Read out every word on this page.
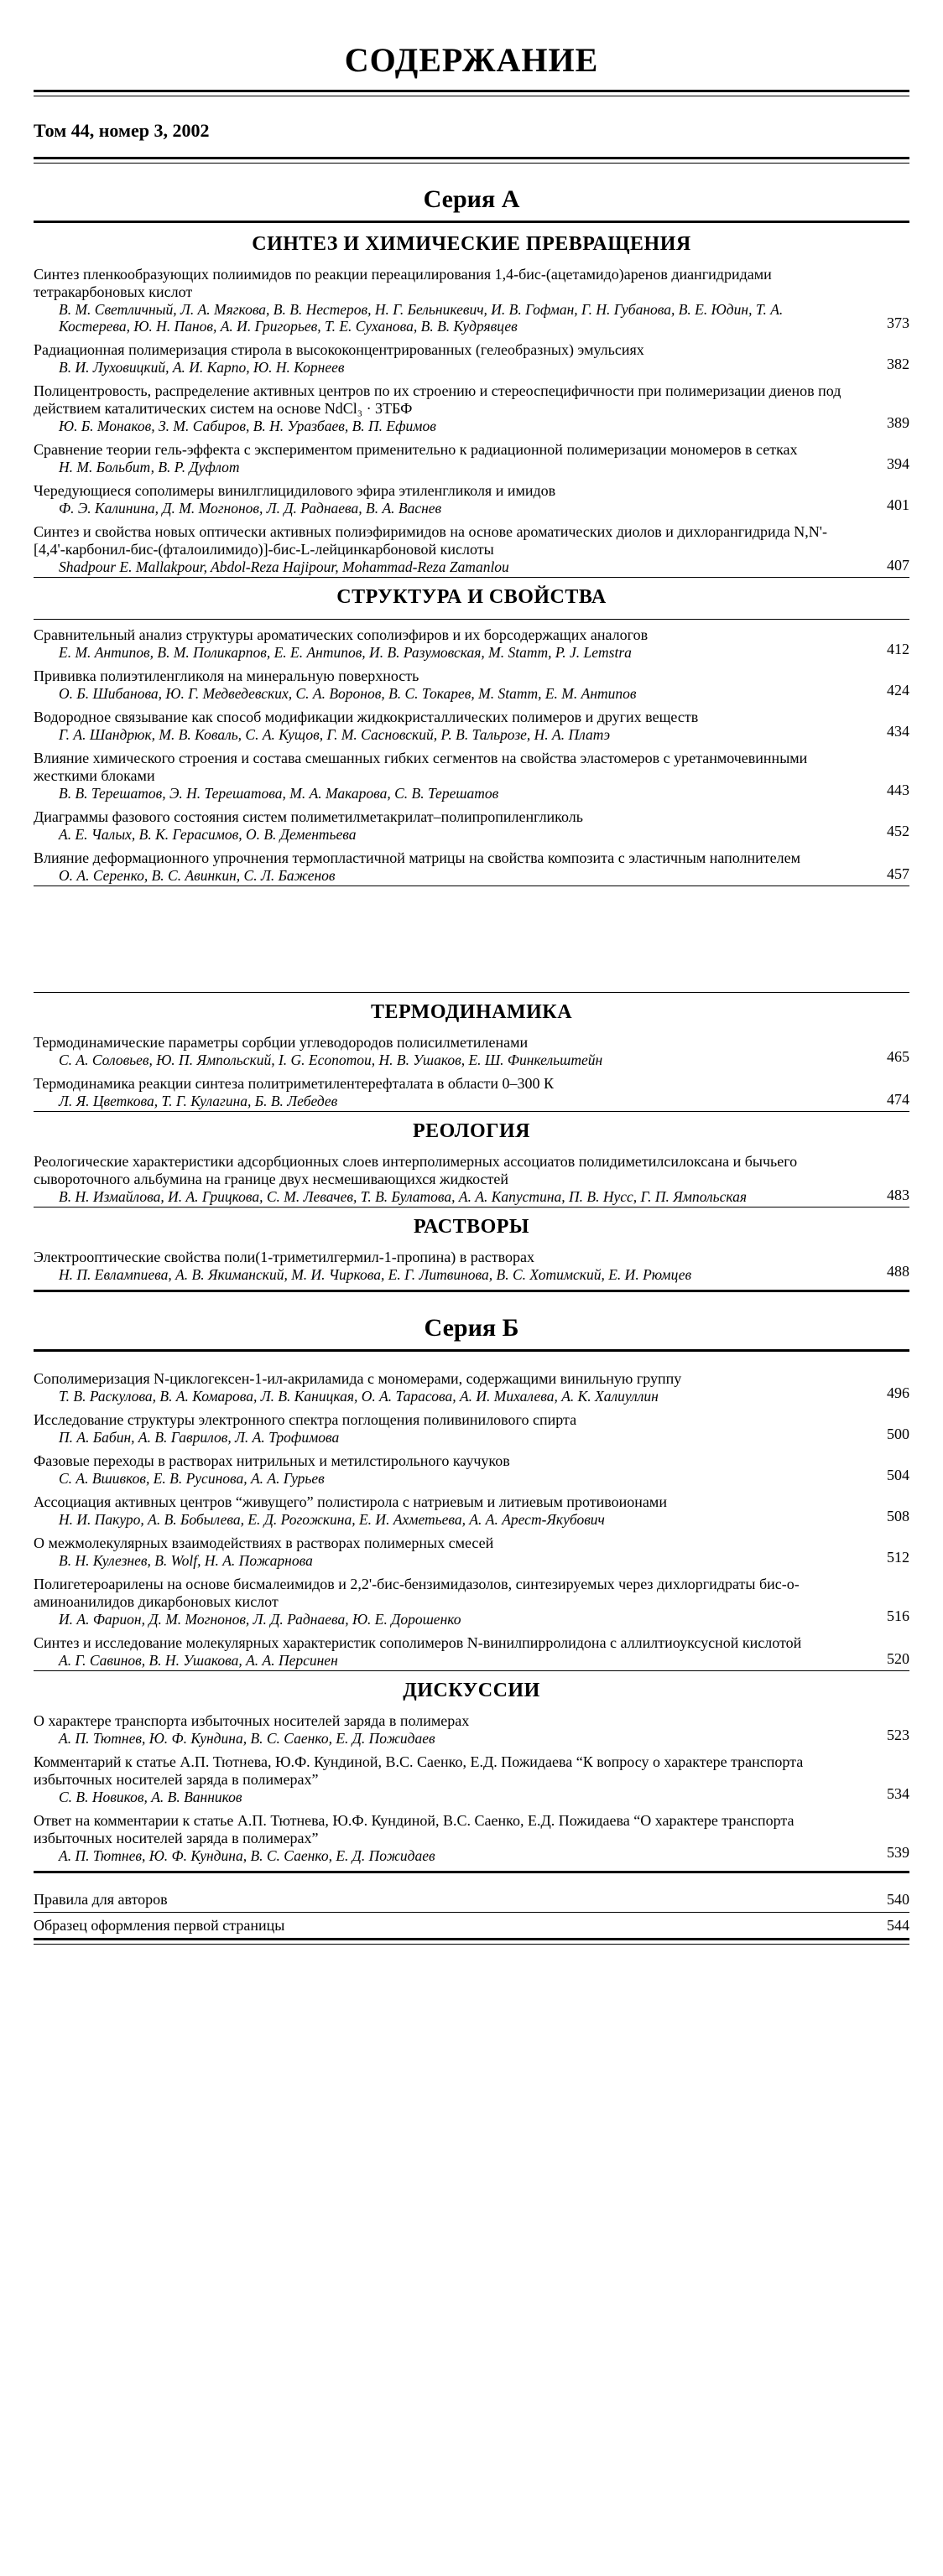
СОДЕРЖАНИЕ
Том 44, номер 3, 2002
Серия А
СИНТЕЗ И ХИМИЧЕСКИЕ ПРЕВРАЩЕНИЯ
Синтез пленкообразующих полиимидов по реакции переацилирования 1,4-бис-(ацетамидо)аренов диангидридами тетракарбоновых кислот
В. М. Светличный, Л. А. Мягкова, В. В. Нестеров, Н. Г. Бельникевич, И. В. Гофман, Г. Н. Губанова, В. Е. Юдин, Т. А. Костерева, Ю. Н. Панов, А. И. Григорьев, Т. Е. Суханова, В. В. Кудрявцев	373
Радиационная полимеризация стирола в высококонцентрированных (гелеобразных) эмульсиях
В. И. Луховицкий, А. И. Карпо, Ю. Н. Корнеев	382
Полицентровость, распределение активных центров по их строению и стереоспецифичности при полимеризации диенов под действием каталитических систем на основе NdCl₃ · 3ТБФ
Ю. Б. Монаков, З. М. Сабиров, В. Н. Уразбаев, В. П. Ефимов	389
Сравнение теории гель-эффекта с экспериментом применительно к радиационной полимеризации мономеров в сетках
Н. М. Больбит, В. Р. Дуфлот	394
Чередующиеся сополимеры винилглицидилового эфира этиленгликоля и имидов
Ф. Э. Калинина, Д. М. Могнонов, Л. Д. Раднаева, В. А. Васнев	401
Синтез и свойства новых оптически активных полиэфиримидов на основе ароматических диолов и дихлорангидрида N,N'-[4,4'-карбонил-бис-(фталоилимидо)]-бис-L-лейцинкарбоновой кислоты
Shadpour E. Mallakpour, Abdol-Reza Hajipour, Mohammad-Reza Zamanlou	407
СТРУКТУРА И СВОЙСТВА
Сравнительный анализ структуры ароматических сополиэфиров и их борсодержащих аналогов
Е. М. Антипов, В. М. Поликарпов, Е. Е. Антипов, И. В. Разумовская, M. Stamm, P. J. Lemstra	412
Прививка полиэтиленгликоля на минеральную поверхность
О. Б. Шибанова, Ю. Г. Медведевских, С. А. Воронов, В. С. Токарев, M. Stamm, Е. М. Антипов	424
Водородное связывание как способ модификации жидкокристаллических полимеров и других веществ
Г. А. Шандрюк, М. В. Коваль, С. А. Кущов, Г. М. Сасновский, Р. В. Тальрозе, Н. А. Платэ	434
Влияние химического строения и состава смешанных гибких сегментов на свойства эластомеров с уретанмочевинными жесткими блоками
В. В. Терешатов, Э. Н. Терешатова, М. А. Макарова, С. В. Терешатов	443
Диаграммы фазового состояния систем полиметилметакрилат–полипропиленгликоль
А. Е. Чалых, В. К. Герасимов, О. В. Дементьева	452
Влияние деформационного упрочнения термопластичной матрицы на свойства композита с эластичным наполнителем
О. А. Серенко, В. С. Авинкин, С. Л. Баженов	457
ТЕРМОДИНАМИКА
Термодинамические параметры сорбции углеводородов полисилметиленами
С. А. Соловьев, Ю. П. Ямпольский, I. G. Economou, Н. В. Ушаков, Е. Ш. Финкельштейн	465
Термодинамика реакции синтеза политриметилентерефталата в области 0–300 К
Л. Я. Цветкова, Т. Г. Кулагина, Б. В. Лебедев	474
РЕОЛОГИЯ
Реологические характеристики адсорбционных слоев интерполимерных ассоциатов полидиметилсилоксана и бычьего сывороточного альбумина на границе двух несмешивающихся жидкостей
В. Н. Измайлова, И. А. Грицкова, С. М. Левачев, Т. В. Булатова, А. А. Капустина, П. В. Нусс, Г. П. Ямпольская	483
РАСТВОРЫ
Электрооптические свойства поли(1-триметилгермил-1-пропина) в растворах
Н. П. Евлампиева, А. В. Якиманский, М. И. Чиркова, Е. Г. Литвинова, В. С. Хотимский, Е. И. Рюмцев	488
Серия Б
Сополимеризация N-циклогексен-1-ил-акриламида с мономерами, содержащими винильную группу
Т. В. Раскулова, В. А. Комарова, Л. В. Каницкая, О. А. Тарасова, А. И. Михалева, А. К. Халиуллин	496
Исследование структуры электронного спектра поглощения поливинилового спирта
П. А. Бабин, А. В. Гаврилов, Л. А. Трофимова	500
Фазовые переходы в растворах нитрильных и метилстирольного каучуков
С. А. Вшивков, Е. В. Русинова, А. А. Гурьев	504
Ассоциация активных центров “живущего” полистирола с натриевым и литиевым противоионами
Н. И. Пакуро, А. В. Бобылева, Е. Д. Рогожкина, Е. И. Ахметьева, А. А. Арест-Якубович	508
О межмолекулярных взаимодействиях в растворах полимерных смесей
В. Н. Кулезнев, B. Wolf, Н. А. Пожарнова	512
Полигетероарилены на основе бисмалеимидов и 2,2'-бис-бензимидазолов, синтезируемых через дихлоргидраты бис-о-аминоанилидов дикарбоновых кислот
И. А. Фарион, Д. М. Могнонов, Л. Д. Раднаева, Ю. Е. Дорошенко	516
Синтез и исследование молекулярных характеристик сополимеров N-винилпирролидона с аллилтиоуксусной кислотой
А. Г. Савинов, В. Н. Ушакова, А. А. Персинен	520
ДИСКУССИИ
О характере транспорта избыточных носителей заряда в полимерах
А. П. Тютнев, Ю. Ф. Кундина, В. С. Саенко, Е. Д. Пожидаев	523
Комментарий к статье А.П. Тютнева, Ю.Ф. Кундиной, В.С. Саенко, Е.Д. Пожидаева “К вопросу о характере транспорта избыточных носителей заряда в полимерах”
С. В. Новиков, А. В. Ванников	534
Ответ на комментарии к статье А.П. Тютнева, Ю.Ф. Кундиной, В.С. Саенко, Е.Д. Пожидаева “О характере транспорта избыточных носителей заряда в полимерах”
А. П. Тютнев, Ю. Ф. Кундина, В. С. Саенко, Е. Д. Пожидаев	539
Правила для авторов	540
Образец оформления первой страницы	544
